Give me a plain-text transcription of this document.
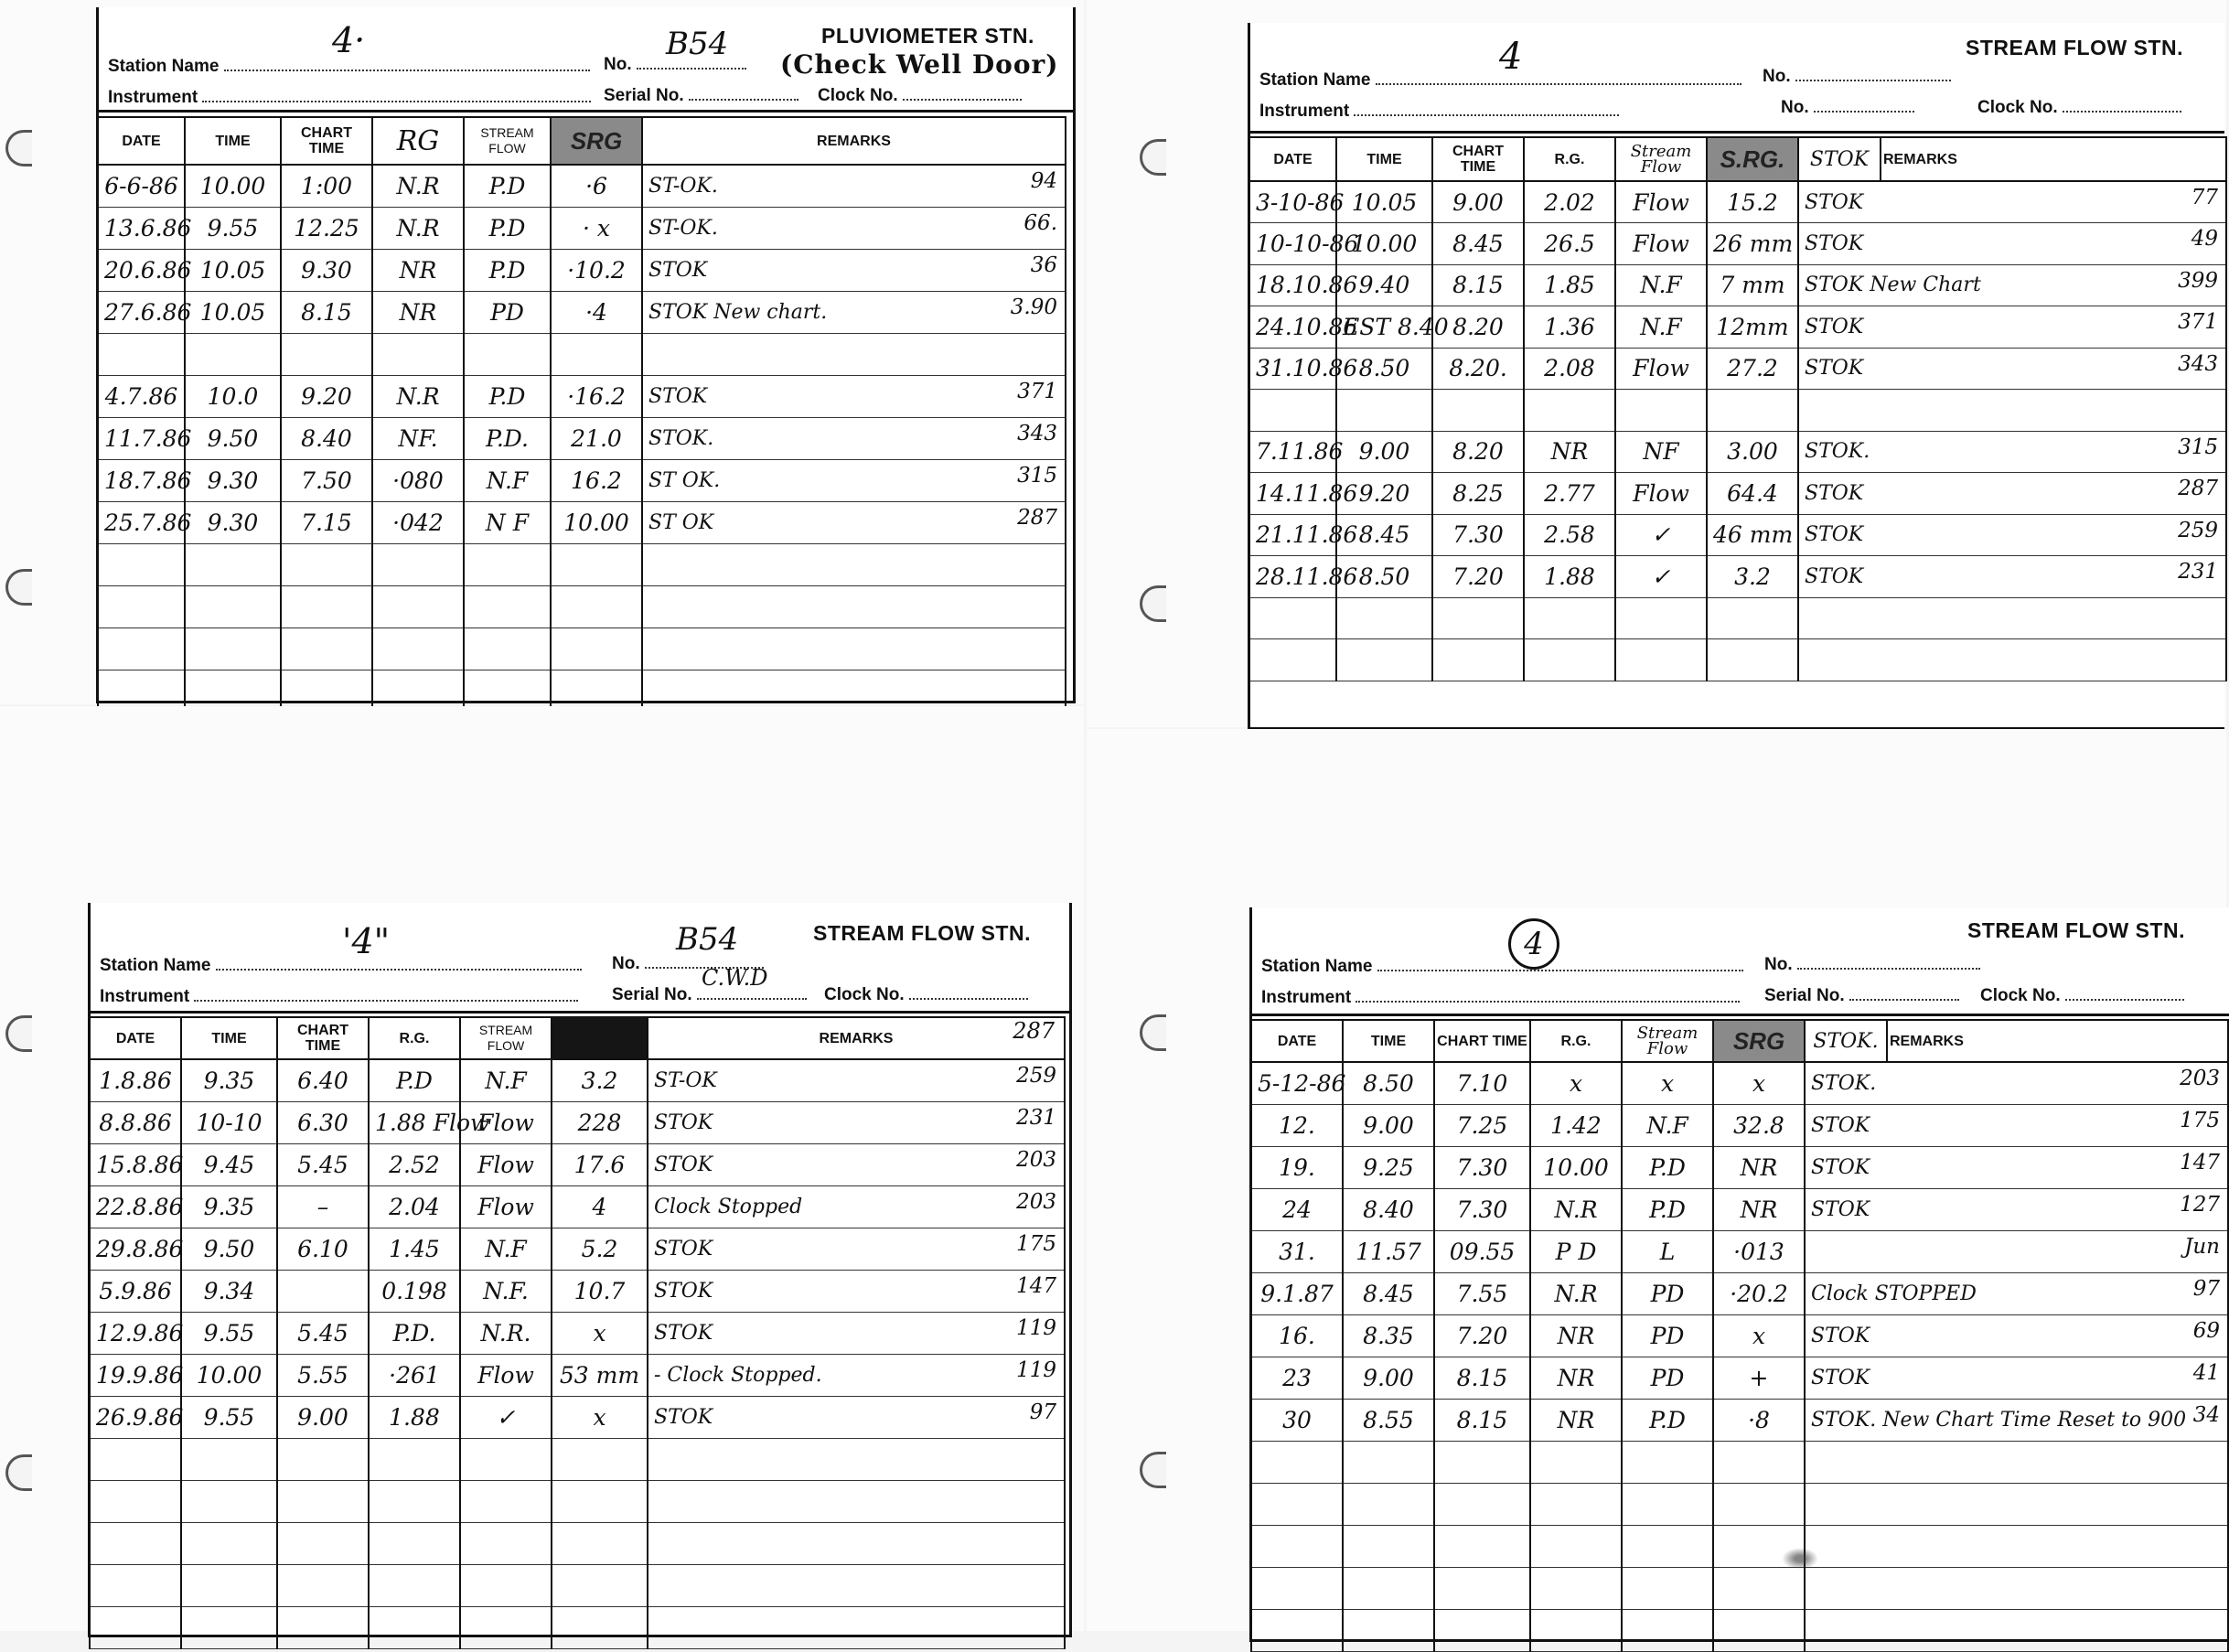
Station Name
4·
Instrument
No.
B54
Serial No.	Clock No.
PLUVIOMETER STN.
(Check Well Door)
DATE	TIME	CHART TIME	RG	STREAM FLOW	SRG	REMARKS
6-6-86	10.00	1:00	N.R	P.D	·6	ST-OK. 94

13.6.86	9.55	12.25	N.R	P.D	· x	ST-OK. 66.

20.6.86	10.05	9.30	NR	P.D	·10.2	STOK 36

27.6.86	10.05	8.15	NR	PD	·4	STOK New chart. 3.90

4.7.86	10.0	9.20	N.R	P.D	·16.2	STOK 371

11.7.86	9.50	8.40	NF.	P.D.	21.0	STOK. 343

18.7.86	9.30	7.50	·080	N.F	16.2	ST OK. 315

25.7.86	9.30	7.15	·042	N F	10.00	ST OK 287

Station Name
4
Instrument
No.
No.	Clock No.
STREAM FLOW STN.
DATE	TIME	CHART TIME	R.G.	Stream Flow	S.RG.	STOK	REMARKS
3-10-86	10.05	9.00	2.02	Flow	15.2	STOK 77	

10-10-86	10.00	8.45	26.5	Flow	26 mm	STOK 49	

18.10.86	9.40	8.15	1.85	N.F	7 mm	STOK New Chart 399	

24.10.86	EST 8.40	8.20	1.36	N.F	12mm	STOK 371	

31.10.86	8.50	8.20.	2.08	Flow	27.2	STOK 343	

7.11.86	9.00	8.20	NR	NF	3.00	STOK. 315	

14.11.86	9.20	8.25	2.77	Flow	64.4	STOK 287	

21.11.86	8.45	7.30	2.58	✓	46 mm	STOK 259	

28.11.86	8.50	7.20	1.88	✓	3.2	STOK 231	

Station Name
'4"
Instrument
No.
B54
Serial No.
C.W.D
Clock No.
STREAM FLOW STN.
DATE	TIME	CHART TIME	R.G.	STREAM FLOW		REMARKS 287

1.8.86	9.35	6.40	P.D	N.F	3.2	ST-OK 259

8.8.86	10-10	6.30	1.88 Flow	Flow	228	STOK 231

15.8.86	9.45	5.45	2.52	Flow	17.6	STOK 203

22.8.86	9.35	–	2.04	Flow	4	Clock Stopped 203

29.8.86	9.50	6.10	1.45	N.F	5.2	STOK 175

5.9.86	9.34		0.198	N.F.	10.7	STOK 147

12.9.86	9.55	5.45	P.D.	N.R.	x	STOK 119

19.9.86	10.00	5.55	·261	Flow	53 mm	- Clock Stopped. 119

26.9.86	9.55	9.00	1.88	✓	x	STOK 97

Station Name
4
Instrument
No.
Serial No.	Clock No.
STREAM FLOW STN.
DATE	TIME	CHART TIME	R.G.	Stream Flow	SRG	STOK.	REMARKS
5-12-86	8.50	7.10	x	x	x	STOK. 203	

12.	9.00	7.25	1.42	N.F	32.8	STOK 175	

19.	9.25	7.30	10.00	P.D	NR	STOK 147	

24	8.40	7.30	N.R	P.D	NR	STOK 127	

31.	11.57	09.55	P D	L	·013	Jun	

9.1.87	8.45	7.55	N.R	PD	·20.2	Clock STOPPED 97	

16.	8.35	7.20	NR	PD	x	STOK 69	

23	9.00	8.15	NR	PD	+	STOK 41	

30	8.55	8.15	NR	P.D	·8	STOK. New Chart Time Reset to 900 34	
